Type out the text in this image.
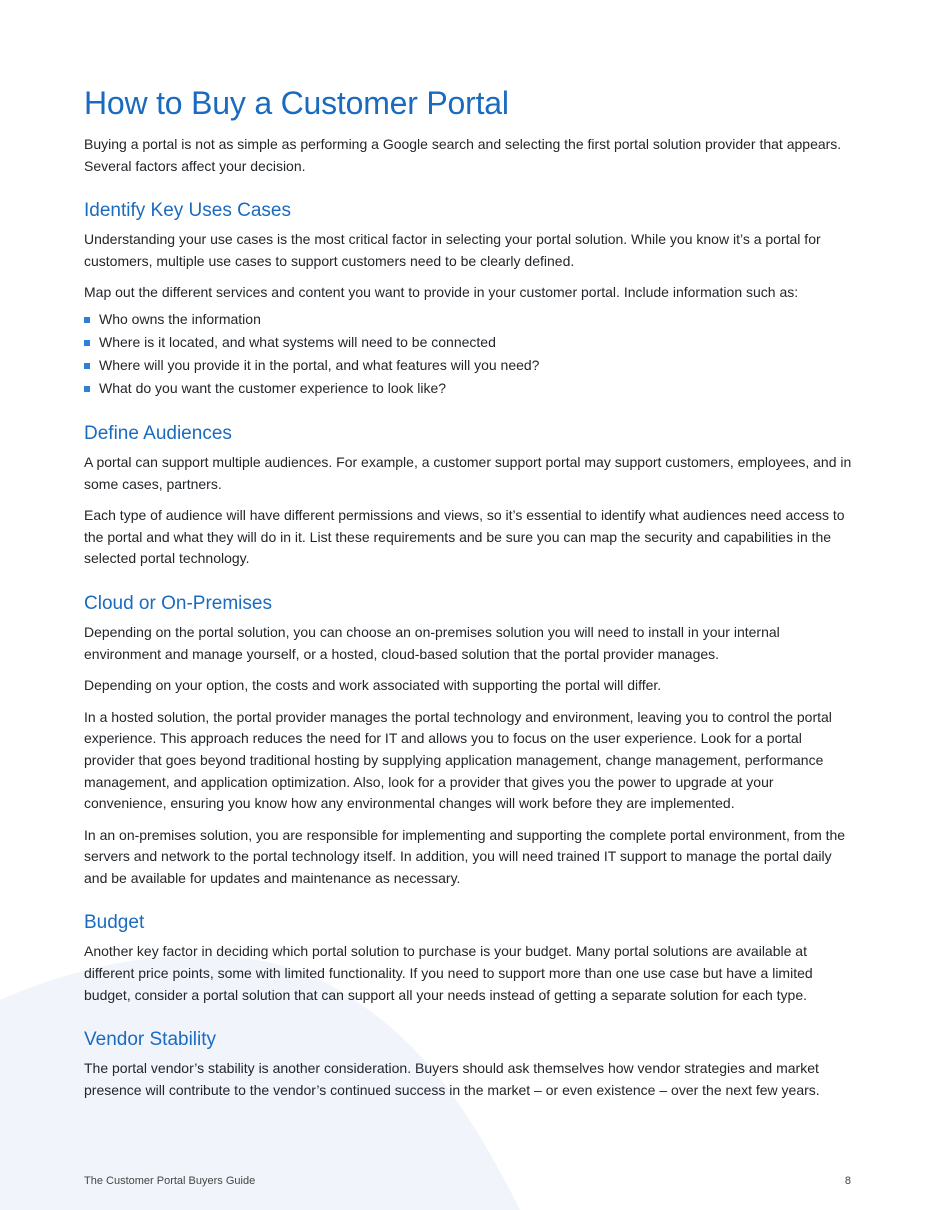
How to Buy a Customer Portal

Buying a portal is not as simple as performing a Google search and selecting the first portal solution provider that appears. Several factors affect your decision.

Identify Key Uses Cases

Understanding your use cases is the most critical factor in selecting your portal solution. While you know it’s a portal for customers, multiple use cases to support customers need to be clearly defined.

Map out the different services and content you want to provide in your customer portal. Include information such as:

Who owns the information
Where is it located, and what systems will need to be connected
Where will you provide it in the portal, and what features will you need?
What do you want the customer experience to look like?
Define Audiences

A portal can support multiple audiences. For example, a customer support portal may support customers, employees, and in some cases, partners.

Each type of audience will have different permissions and views, so it’s essential to identify what audiences need access to the portal and what they will do in it. List these requirements and be sure you can map the security and capabilities in the selected portal technology.

Cloud or On-Premises

Depending on the portal solution, you can choose an on-premises solution you will need to install in your internal environment and manage yourself, or a hosted, cloud-based solution that the portal provider manages.

Depending on your option, the costs and work associated with supporting the portal will differ.

In a hosted solution, the portal provider manages the portal technology and environment, leaving you to control the portal experience. This approach reduces the need for IT and allows you to focus on the user experience. Look for a portal provider that goes beyond traditional hosting by supplying application management, change management, performance management, and application optimization. Also, look for a provider that gives you the power to upgrade at your convenience, ensuring you know how any environmental changes will work before they are implemented.

In an on-premises solution, you are responsible for implementing and supporting the complete portal environment, from the servers and network to the portal technology itself. In addition, you will need trained IT support to manage the portal daily and be available for updates and maintenance as necessary.

Budget

Another key factor in deciding which portal solution to purchase is your budget. Many portal solutions are available at different price points, some with limited functionality. If you need to support more than one use case but have a limited budget, consider a portal solution that can support all your needs instead of getting a separate solution for each type.

Vendor Stability

The portal vendor’s stability is another consideration. Buyers should ask themselves how vendor strategies and market presence will contribute to the vendor’s continued success in the market – or even existence – over the next few years.

The Customer Portal Buyers Guide	8
